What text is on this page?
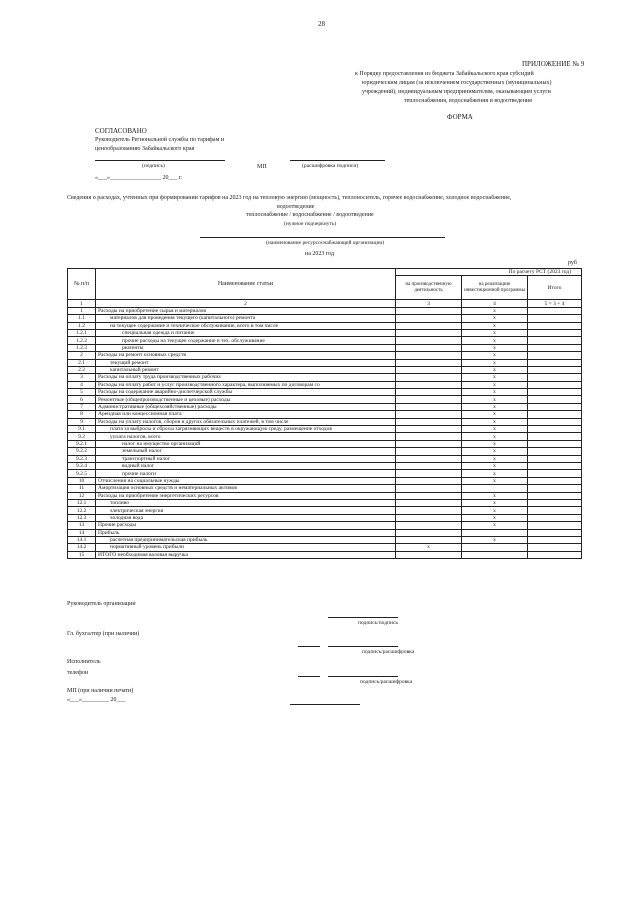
28
ПРИЛОЖЕНИЕ № 9
к Порядку предоставления из бюджета Забайкальского края субсидий
юридическим лицам (за исключением государственных (муниципальных)
учреждений), индивидуальным предпринимателям, оказывающим услуги
теплоснабжения, водоснабжения и водоотведения
ФОРМА
СОГЛАСОВАНО
Руководитель Региональной службы по тарифам и
ценообразованию Забайкальского края
(подпись)	МП	(расшифровка подписи)
«___»_________________ 20___ г.
Сведения о расходах, учтенных при формировании тарифов на 2023 год на тепловую энергию (мощность), теплоноситель, горячее водоснабжение, холодное водоснабжение,
водоотведение
теплоснабжение / водоснабжение / водоотведение
(нужное подчеркнуть)
(наименование ресурсоснабжающей организации)
на 2023 год
руб
№ п/п	Наименование статьи	По расчету РСТ (2023 год)		
		на производственную деятельность	на реализацию инвестиционной программы	Итого
1	2	3	4	5 = 3 + 4
1	Расходы на приобретение сырья и материалов		х	
1.1	материалов для проведения текущего (капитального) ремонта		х	
1.2	на текущее содержание и техническое обслуживание, всего в том числе		х	
1.2.1	специальная одежда и питание		х	
1.2.2	прочие расходы на текущее содержание и тех. обслуживание		х	
1.2.3	реагенты		х	
2	Расходы на ремонт основных средств		х	
2.1	текущий ремонт		х	
2.2	капитальный ремонт		х	
3	Расходы на оплату труда производственных рабочих		х	
4	Расходы на оплату работ и услуг производственного характера, выполняемых по договорам со		х	
5	Расходы на содержание аварийно-диспетчерской службы		х	
6	Ремонтные (общепроизводственные и цеховые) расходы		х	
7	Административные (общехозяйственные) расходы		х	
8	Арендная или концессионная плата		х	
9	Расходы на уплату налогов, сборов и других обязательных платежей, в том числе		х	
9.1	плата за выбросы и сбросы загрязняющих веществ в окружающую среду, размещение отходов		х	
9.2	уплата налогов, всего		х	
9.2.1	налог на имущество организаций		х	
9.2.2	земельный налог		х	
9.2.3	транспортный налог		х	
9.2.4	водный налог		х	
9.2.5	прочие налоги		х	
10	Отчисления на социальные нужды		х	
11	Амортизация основных средств и нематериальных активов			
12	Расходы на приобретение энергетических ресурсов		х	
12.1	топливо		х	
12.2	электрическая энергия		х	
12.3	холодная вода		х	
13	Прочие расходы		х	
14	Прибыль			
14.1	расчетная предпринимательская прибыль		х	
14.2	нормативный уровень прибыли	х		
15	ИТОГО необходимая валовая выручка			
Руководитель организации
подпись/подпись
Гл. бухгалтер (при наличии)
подпись/расшифровка
Исполнитель
телефон
подпись/расшифровка
МП (при наличии печати)
«___»_________ 20___
